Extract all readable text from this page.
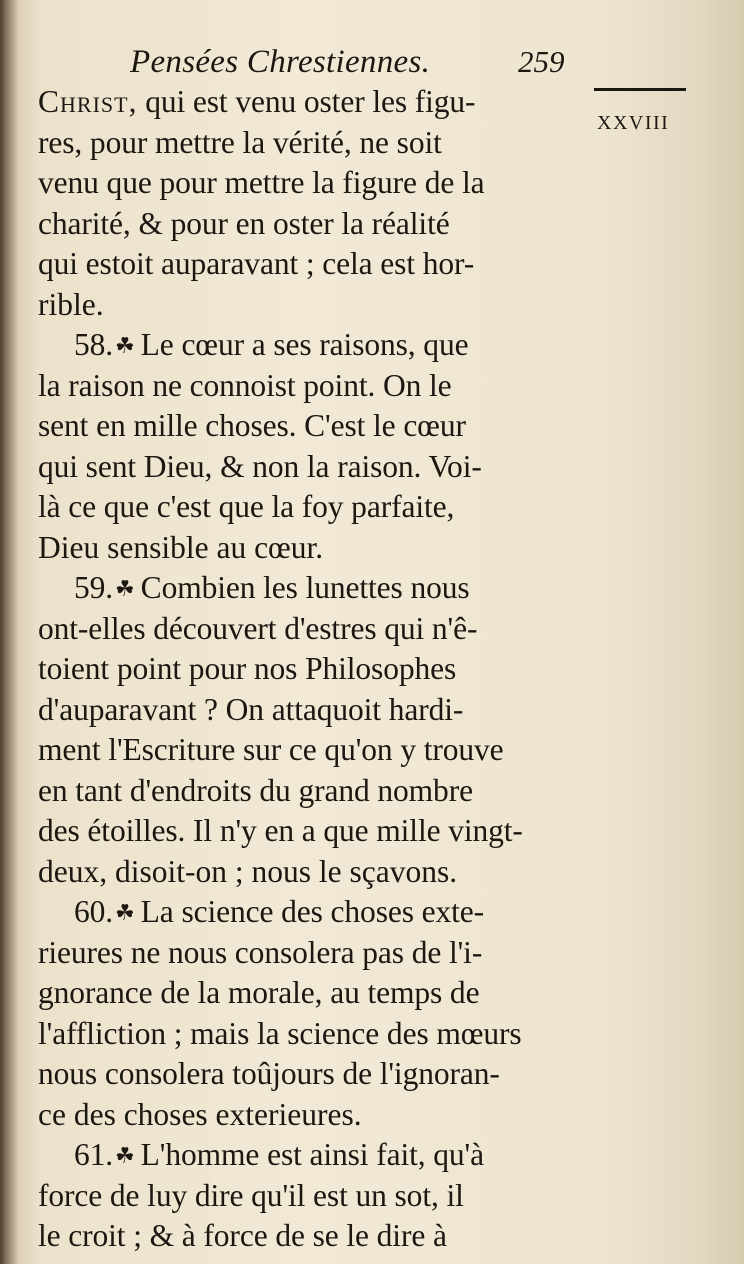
Pensées Chrestiennes.	259
XXVIII
Christ, qui est venu oster les figu-
res, pour mettre la vérité, ne soit
venu que pour mettre la figure de la
charité, & pour en oster la réalité
qui estoit auparavant ; cela est hor-
rible.
58.☘ Le cœur a ses raisons, que
la raison ne connoist point. On le
sent en mille choses. C'est le cœur
qui sent Dieu, & non la raison. Voi-
là ce que c'est que la foy parfaite,
Dieu sensible au cœur.
59.☘ Combien les lunettes nous
ont-elles découvert d'estres qui n'ê-
toient point pour nos Philosophes
d'auparavant ? On attaquoit hardi-
ment l'Escriture sur ce qu'on y trouve
en tant d'endroits du grand nombre
des étoilles. Il n'y en a que mille vingt-
deux, disoit-on ; nous le sçavons.
60.☘ La science des choses exte-
rieures ne nous consolera pas de l'i-
gnorance de la morale, au temps de
l'affliction ; mais la science des mœurs
nous consolera toûjours de l'ignoran-
ce des choses exterieures.
61.☘ L'homme est ainsi fait, qu'à
force de luy dire qu'il est un sot, il
le croit ; & à force de se le dire à
